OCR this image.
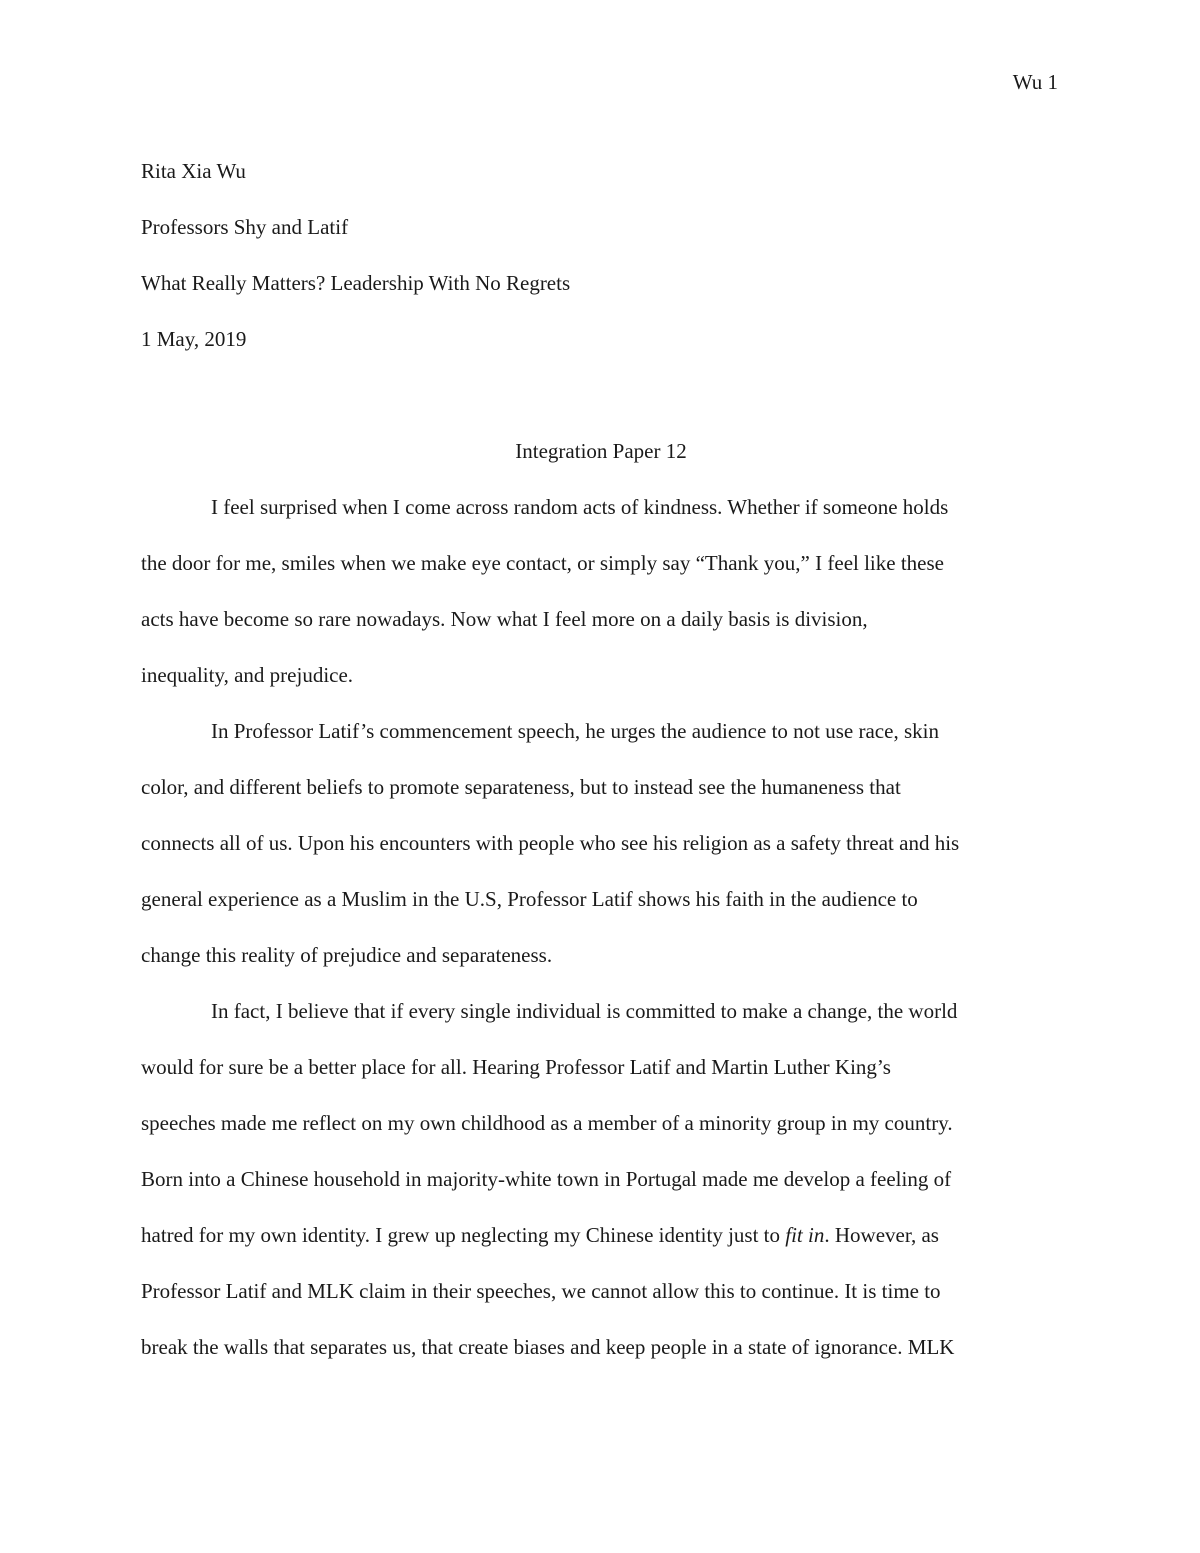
Wu 1
Rita Xia Wu
Professors Shy and Latif
What Really Matters? Leadership With No Regrets
1 May, 2019
Integration Paper 12

I feel surprised when I come across random acts of kindness. Whether if someone holds
the door for me, smiles when we make eye contact, or simply say “Thank you,” I feel like these
acts have become so rare nowadays. Now what I feel more on a daily basis is division,
inequality, and prejudice.

In Professor Latif’s commencement speech, he urges the audience to not use race, skin
color, and different beliefs to promote separateness, but to instead see the humaneness that
connects all of us. Upon his encounters with people who see his religion as a safety threat and his
general experience as a Muslim in the U.S, Professor Latif shows his faith in the audience to
change this reality of prejudice and separateness.

In fact, I believe that if every single individual is committed to make a change, the world
would for sure be a better place for all. Hearing Professor Latif and Martin Luther King’s
speeches made me reflect on my own childhood as a member of a minority group in my country.
Born into a Chinese household in majority-white town in Portugal made me develop a feeling of
hatred for my own identity. I grew up neglecting my Chinese identity just to fit in. However, as
Professor Latif and MLK claim in their speeches, we cannot allow this to continue. It is time to
break the walls that separates us, that create biases and keep people in a state of ignorance. MLK
